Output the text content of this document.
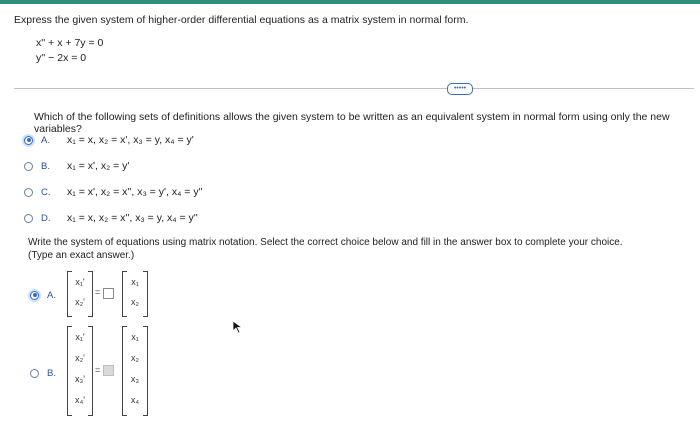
Express the given system of higher-order differential equations as a matrix system in normal form.
x'' + x + 7y = 0
y'' − 2x = 0
•••••
Which of the following sets of definitions allows the given system to be written as an equivalent system in normal form using only the new variables?
A.	x₁ = x, x₂ = x', x₃ = y, x₄ = y'
B.	x₁ = x', x₂ = y'
C.	x₁ = x', x₂ = x'', x₃ = y', x₄ = y''
D.	x₁ = x, x₂ = x'', x₃ = y, x₄ = y''
Write the system of equations using matrix notation. Select the correct choice below and fill in the answer box to complete your choice.
(Type an exact answer.)
A.
x₁'
x₂'
=
x₁
x₂
B.
x₁'
x₂'
x₃'
x₄'
=
x₁
x₂
x₃
x₄
